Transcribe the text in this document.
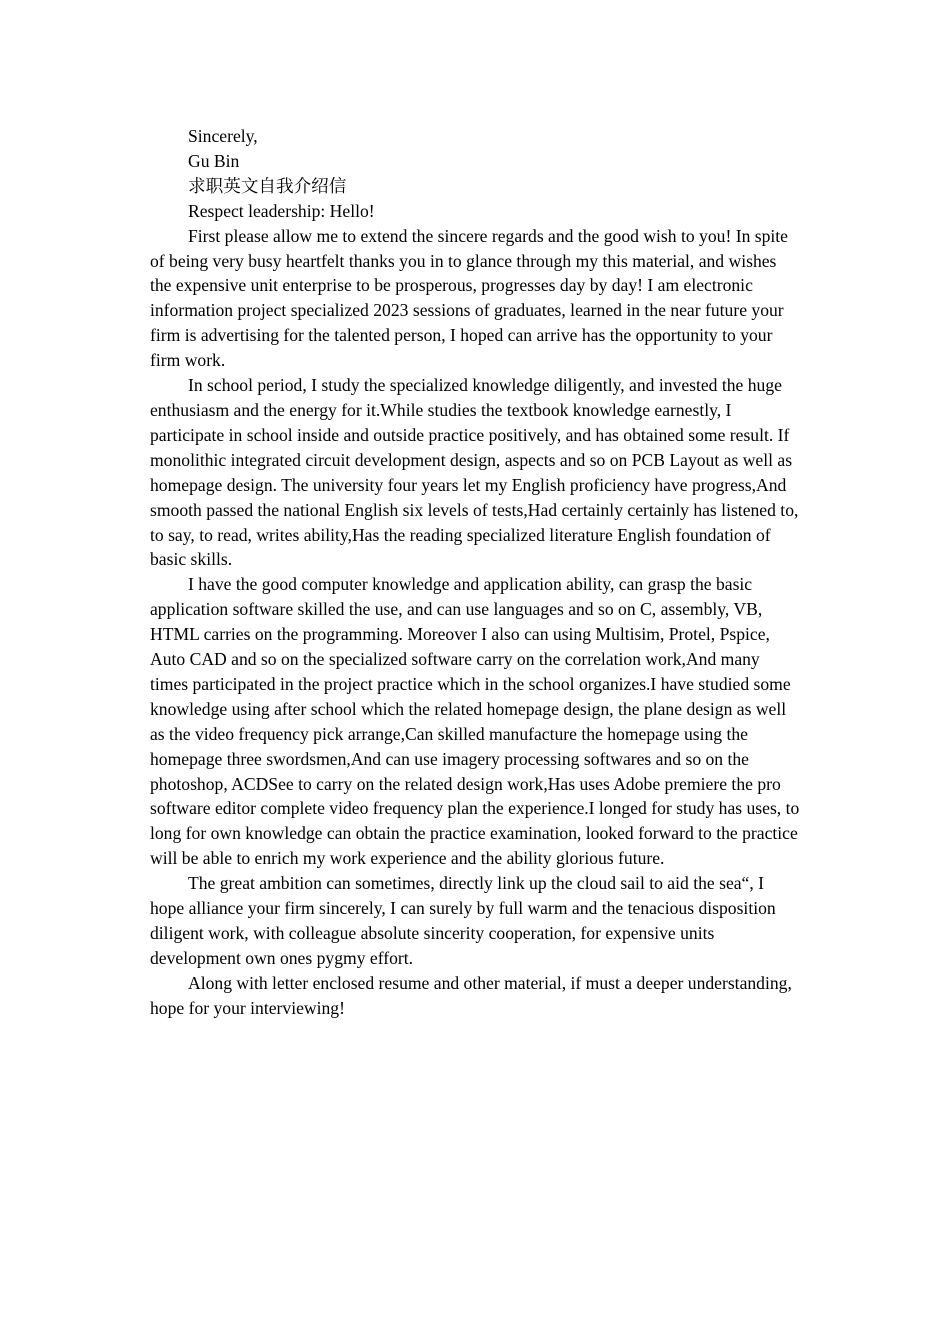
Sincerely,

Gu Bin

求职英文自我介绍信

Respect leadership: Hello!

First please allow me to extend the sincere regards and the good wish to you! In spite of being very busy heartfelt thanks you in to glance through my this material, and wishes the expensive unit enterprise to be prosperous, progresses day by day! I am electronic information project specialized 2023 sessions of graduates, learned in the near future your firm is advertising for the talented person, I hoped can arrive has the opportunity to your firm work.

In school period, I study the specialized knowledge diligently, and invested the huge enthusiasm and the energy for it.While studies the textbook knowledge earnestly, I participate in school inside and outside practice positively, and has obtained some result. If monolithic integrated circuit development design, aspects and so on PCB Layout as well as homepage design. The university four years let my English proficiency have progress,And smooth passed the national English six levels of tests,Had certainly certainly has listened to, to say, to read, writes ability,Has the reading specialized literature English foundation of basic skills.

I have the good computer knowledge and application ability, can grasp the basic application software skilled the use, and can use languages and so on C, assembly, VB, HTML carries on the programming. Moreover I also can using Multisim, Protel, Pspice, Auto CAD and so on the specialized software carry on the correlation work,And many times participated in the project practice which in the school organizes.I have studied some knowledge using after school which the related homepage design, the plane design as well as the video frequency pick arrange,Can skilled manufacture the homepage using the homepage three swordsmen,And can use imagery processing softwares and so on the photoshop, ACDSee to carry on the related design work,Has uses Adobe premiere the pro software editor complete video frequency plan the experience.I longed for study has uses, to long for own knowledge can obtain the practice examination, looked forward to the practice will be able to enrich my work experience and the ability glorious future.

The great ambition can sometimes, directly link up the cloud sail to aid the sea“, I hope alliance your firm sincerely, I can surely by full warm and the tenacious disposition diligent work, with colleague absolute sincerity cooperation, for expensive units development own ones pygmy effort.

Along with letter enclosed resume and other material, if must a deeper understanding, hope for your interviewing!
